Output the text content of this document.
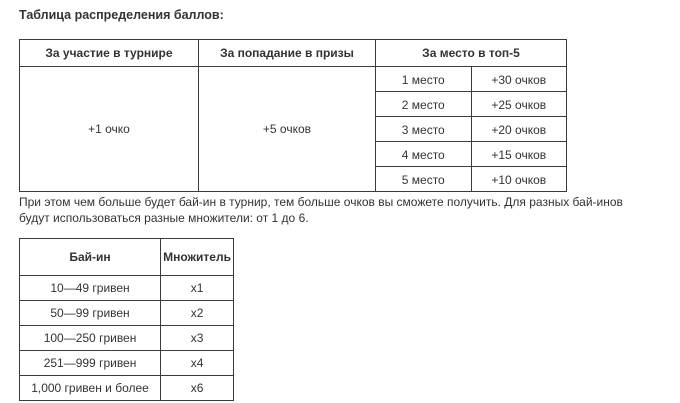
Таблица распределения баллов:
За участие в турнире	За попадание в призы	За место в топ-5	
+1 очко	+5 очков	1 место	+30 очков
		2 место	+25 очков
		3 место	+20 очков
		4 место	+15 очков
		5 место	+10 очков
При этом чем больше будет бай-ин в турнир, тем больше очков вы сможете получить. Для разных бай-инов будут использоваться разные множители: от 1 до 6.
Бай-ин	Множитель
10—49 гривен	x1
50—99 гривен	x2
100—250 гривен	x3
251—999 гривен	x4
1,000 гривен и более	x6
